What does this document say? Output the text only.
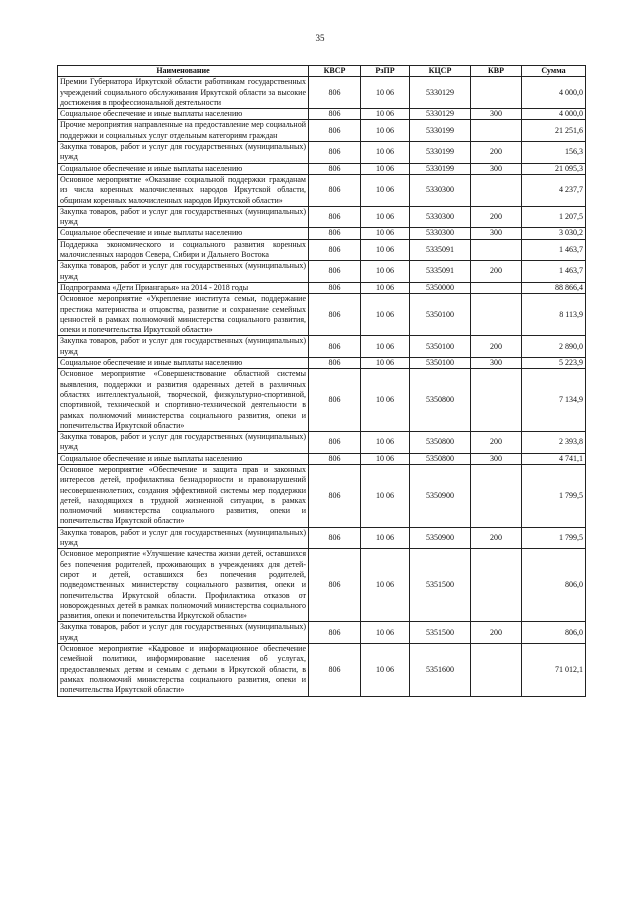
35
Наименование	КВСР	РзПР	КЦСР	КВР	Сумма
Премии Губернатора Иркутской области работникам государственных учреждений социального обслуживания Иркутской области за высокие достижения в профессиональной деятельности	806	10 06	5330129		4 000,0
Социальное обеспечение и иные выплаты населению	806	10 06	5330129	300	4 000,0
Прочие мероприятия направленные на предоставление мер социальной поддержки и социальных услуг отдельным категориям граждан	806	10 06	5330199		21 251,6
Закупка товаров, работ и услуг для государственных (муниципальных) нужд	806	10 06	5330199	200	156,3
Социальное обеспечение и иные выплаты населению	806	10 06	5330199	300	21 095,3
Основное мероприятие «Оказание социальной поддержки гражданам из числа коренных малочисленных народов Иркутской области, общинам коренных малочисленных народов Иркутской области»	806	10 06	5330300		4 237,7
Закупка товаров, работ и услуг для государственных (муниципальных) нужд	806	10 06	5330300	200	1 207,5
Социальное обеспечение и иные выплаты населению	806	10 06	5330300	300	3 030,2
Поддержка экономического и социального развития коренных малочисленных народов Севера, Сибири и Дальнего Востока	806	10 06	5335091		1 463,7
Закупка товаров, работ и услуг для государственных (муниципальных) нужд	806	10 06	5335091	200	1 463,7
Подпрограмма «Дети Приангарья» на 2014 - 2018 годы	806	10 06	5350000		88 866,4
Основное мероприятие «Укрепление института семьи, поддержание престижа материнства и отцовства, развитие и сохранение семейных ценностей в рамках полномочий министерства социального развития, опеки и попечительства Иркутской области»	806	10 06	5350100		8 113,9
Закупка товаров, работ и услуг для государственных (муниципальных) нужд	806	10 06	5350100	200	2 890,0
Социальное обеспечение и иные выплаты населению	806	10 06	5350100	300	5 223,9
Основное мероприятие «Совершенствование областной системы выявления, поддержки и развития одаренных детей в различных областях интеллектуальной, творческой, физкультурно-спортивной, спортивной, технической и спортивно-технической деятельности в рамках полномочий министерства социального развития, опеки и попечительства Иркутской области»	806	10 06	5350800		7 134,9
Закупка товаров, работ и услуг для государственных (муниципальных) нужд	806	10 06	5350800	200	2 393,8
Социальное обеспечение и иные выплаты населению	806	10 06	5350800	300	4 741,1
Основное мероприятие «Обеспечение и защита прав и законных интересов детей, профилактика безнадзорности и правонарушений несовершеннолетних, создания эффективной системы мер поддержки детей, находящихся в трудной жизненной ситуации, в рамках полномочий министерства социального развития, опеки и попечительства Иркутской области»	806	10 06	5350900		1 799,5
Закупка товаров, работ и услуг для государственных (муниципальных) нужд	806	10 06	5350900	200	1 799,5
Основное мероприятие «Улучшение качества жизни детей, оставшихся без попечения родителей, проживающих в учреждениях для детей-сирот и детей, оставшихся без попечения родителей, подведомственных министерству социального развития, опеки и попечительства Иркутской области. Профилактика отказов от новорожденных детей в рамках полномочий министерства социального развития, опеки и попечительства Иркутской области»	806	10 06	5351500		806,0
Закупка товаров, работ и услуг для государственных (муниципальных) нужд	806	10 06	5351500	200	806,0
Основное мероприятие «Кадровое и информационное обеспечение семейной политики, информирование населения об услугах, предоставляемых детям и семьям с детьми в Иркутской области, в рамках полномочий министерства социального развития, опеки и попечительства Иркутской области»	806	10 06	5351600		71 012,1
